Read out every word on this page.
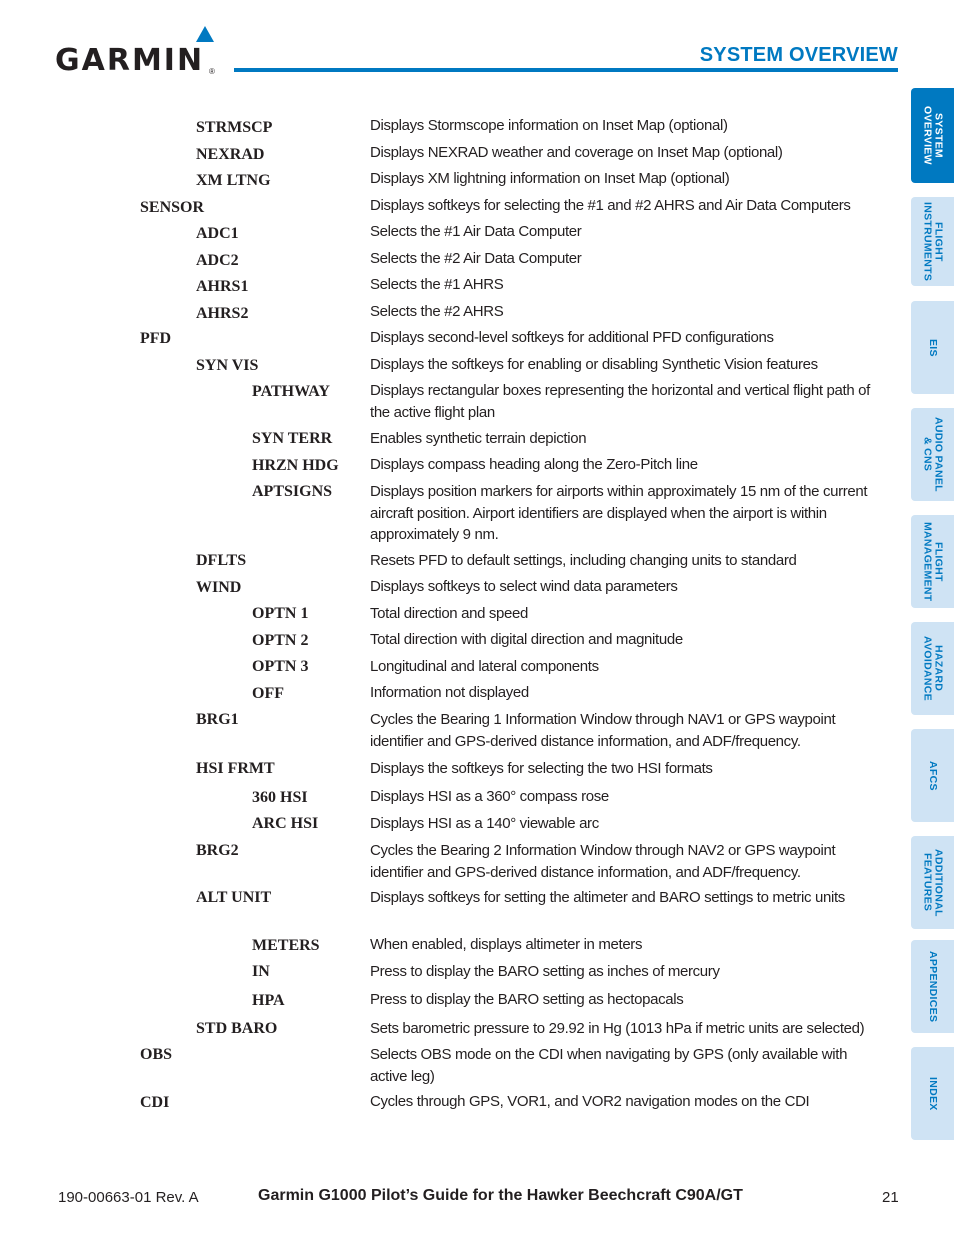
GARMIN ®
SYSTEM OVERVIEW
STRMSCP	Displays Stormscope information on Inset Map (optional)
NEXRAD	Displays NEXRAD weather and coverage on Inset Map (optional)
XM LTNG	Displays XM lightning information on Inset Map (optional)
SENSOR	Displays softkeys for selecting the #1 and #2 AHRS and Air Data Computers
ADC1	Selects the #1 Air Data Computer
ADC2	Selects the #2 Air Data Computer
AHRS1	Selects the #1 AHRS
AHRS2	Selects the #2 AHRS
PFD	Displays second-level softkeys for additional PFD configurations
SYN VIS	Displays the softkeys for enabling or disabling Synthetic Vision features
PATHWAY	Displays rectangular boxes representing the horizontal and vertical flight path of the active flight plan
SYN TERR	Enables synthetic terrain depiction
HRZN HDG Displays compass heading along the Zero-Pitch line
APTSIGNS	Displays position markers for airports within approximately 15 nm of the current aircraft position. Airport identifiers are displayed when the airport is within approximately 9 nm.
DFLTS	Resets PFD to default settings, including changing units to standard
WIND	Displays softkeys to select wind data parameters
OPTN 1	Total direction and speed
OPTN 2	Total direction with digital direction and magnitude
OPTN 3	Longitudinal and lateral components
OFF	Information not displayed
BRG1	Cycles the Bearing 1 Information Window through NAV1 or GPS waypoint identifier and GPS-derived distance information, and ADF/frequency.
HSI FRMT	Displays the softkeys for selecting the two HSI formats
360 HSI	Displays HSI as a 360° compass rose
ARC HSI	Displays HSI as a 140° viewable arc
BRG2	Cycles the Bearing 2 Information Window through NAV2 or GPS waypoint identifier and GPS-derived distance information, and ADF/frequency.
ALT UNIT	Displays softkeys for setting the altimeter and BARO settings to metric units
METERS	When enabled, displays altimeter in meters
IN	Press to display the BARO setting as inches of mercury
HPA	Press to display the BARO setting as hectopacals
STD BARO	Sets barometric pressure to 29.92 in Hg (1013 hPa if metric units are selected)
OBS	Selects OBS mode on the CDI when navigating by GPS (only available with active leg)
CDI	Cycles through GPS, VOR1, and VOR2 navigation modes on the CDI
SYSTEM
OVERVIEW
FLIGHT
INSTRUMENTS
EIS
AUDIO PANEL
& CNS
FLIGHT
MANAGEMENT
HAZARD
AVOIDANCE
AFCS
ADDITIONAL
FEATURES
APPENDICES
INDEX
190-00663-01 Rev. A	Garmin G1000 Pilot’s Guide for the Hawker Beechcraft C90A/GT	21
